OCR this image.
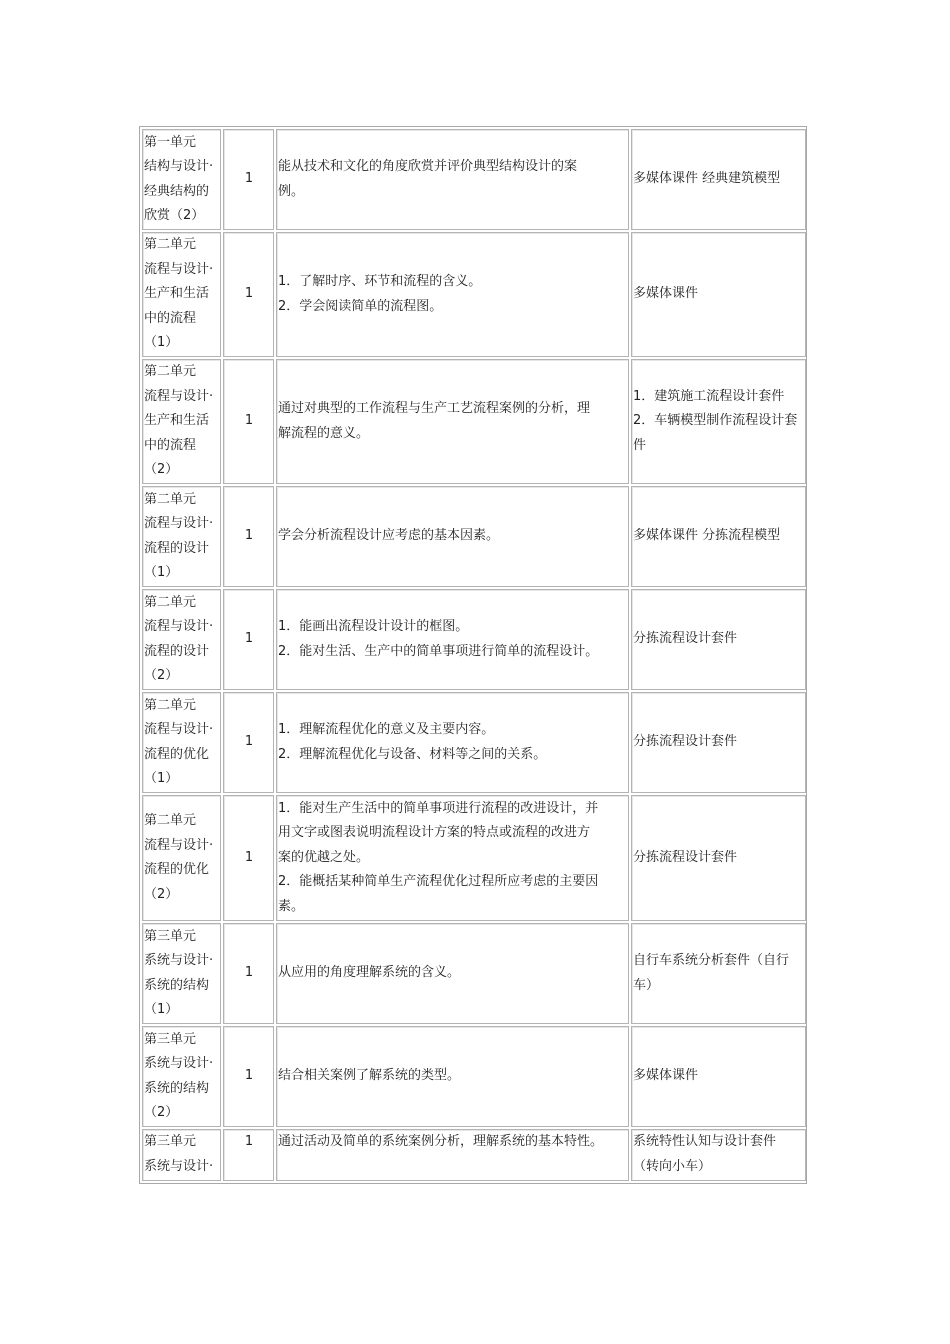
第一单元
结构与设计·
经典结构的
欣赏（2）	1	能从技术和文化的角度欣赏并评价典型结构设计的案
例。	多媒体课件 经典建筑模型

第二单元
流程与设计·
生产和生活
中的流程
（1）	1	1．了解时序、环节和流程的含义。
2．学会阅读简单的流程图。	多媒体课件

第二单元
流程与设计·
生产和生活
中的流程
（2）	1	通过对典型的工作流程与生产工艺流程案例的分析，理
解流程的意义。	1．建筑施工流程设计套件
2．车辆模型制作流程设计套
件

第二单元
流程与设计·
流程的设计
（1）	1	学会分析流程设计应考虑的基本因素。	多媒体课件 分拣流程模型

第二单元
流程与设计·
流程的设计
（2）	1	1．能画出流程设计设计的框图。
2．能对生活、生产中的简单事项进行简单的流程设计。	分拣流程设计套件

第二单元
流程与设计·
流程的优化
（1）	1	1．理解流程优化的意义及主要内容。
2．理解流程优化与设备、材料等之间的关系。	分拣流程设计套件

第二单元
流程与设计·
流程的优化
（2）	1	1．能对生产生活中的简单事项进行流程的改进设计，并
用文字或图表说明流程设计方案的特点或流程的改进方
案的优越之处。
2．能概括某种简单生产流程优化过程所应考虑的主要因
素。	分拣流程设计套件

第三单元
系统与设计·
系统的结构
（1）	1	从应用的角度理解系统的含义。	自行车系统分析套件（自行
车）

第三单元
系统与设计·
系统的结构
（2）	1	结合相关案例了解系统的类型。	多媒体课件

第三单元
系统与设计·	1	通过活动及简单的系统案例分析，理解系统的基本特性。	系统特性认知与设计套件
（转向小车）
